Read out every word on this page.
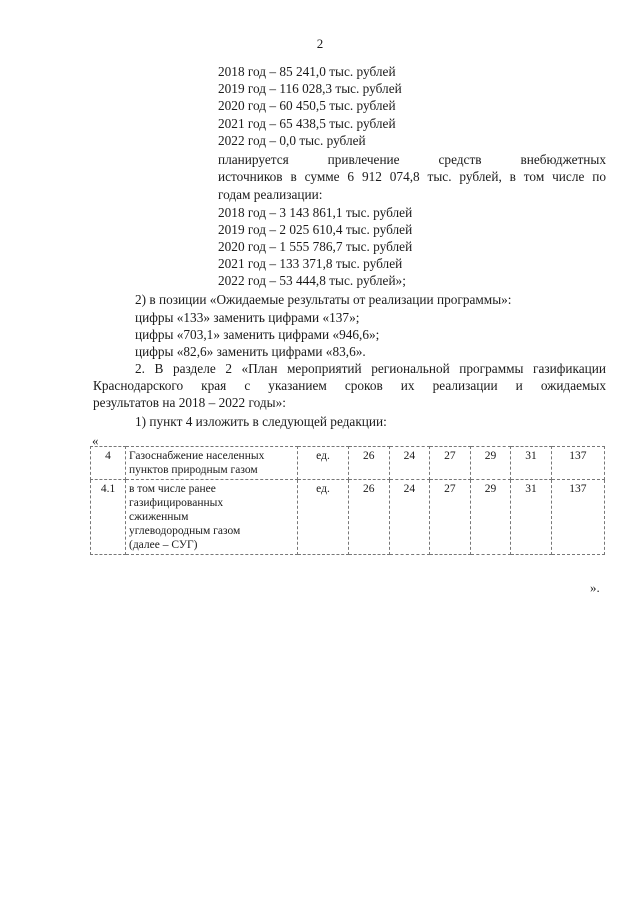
2
2018 год – 85 241,0 тыс. рублей
2019 год – 116 028,3 тыс. рублей
2020 год – 60 450,5 тыс. рублей
2021 год – 65 438,5 тыс. рублей
2022 год – 0,0 тыс. рублей
планируется привлечение средств внебюджетных
источников в сумме 6 912 074,8 тыс. рублей, в том числе по
годам реализации:
2018 год – 3 143 861,1 тыс. рублей
2019 год – 2 025 610,4 тыс. рублей
2020 год – 1 555 786,7 тыс. рублей
2021 год – 133 371,8 тыс. рублей
2022 год – 53 444,8 тыс. рублей»;
2) в позиции «Ожидаемые результаты от реализации программы»:
цифры «133» заменить цифрами «137»;
цифры «703,1» заменить цифрами «946,6»;
цифры «82,6» заменить цифрами «83,6».
2. В разделе 2 «План мероприятий региональной программы газификации
Краснодарского края с указанием сроков их реализации и ожидаемых
результатов на 2018 – 2022 годы»:
1) пункт 4 изложить в следующей редакции:
«
4	Газоснабжение населенных
пунктов природным газом	ед.	26	24	27	29	31	137
4.1	в том числе ранее
газифицированных
сжиженным
углеводородным газом
(далее – СУГ)	ед.	26	24	27	29	31	137
».
